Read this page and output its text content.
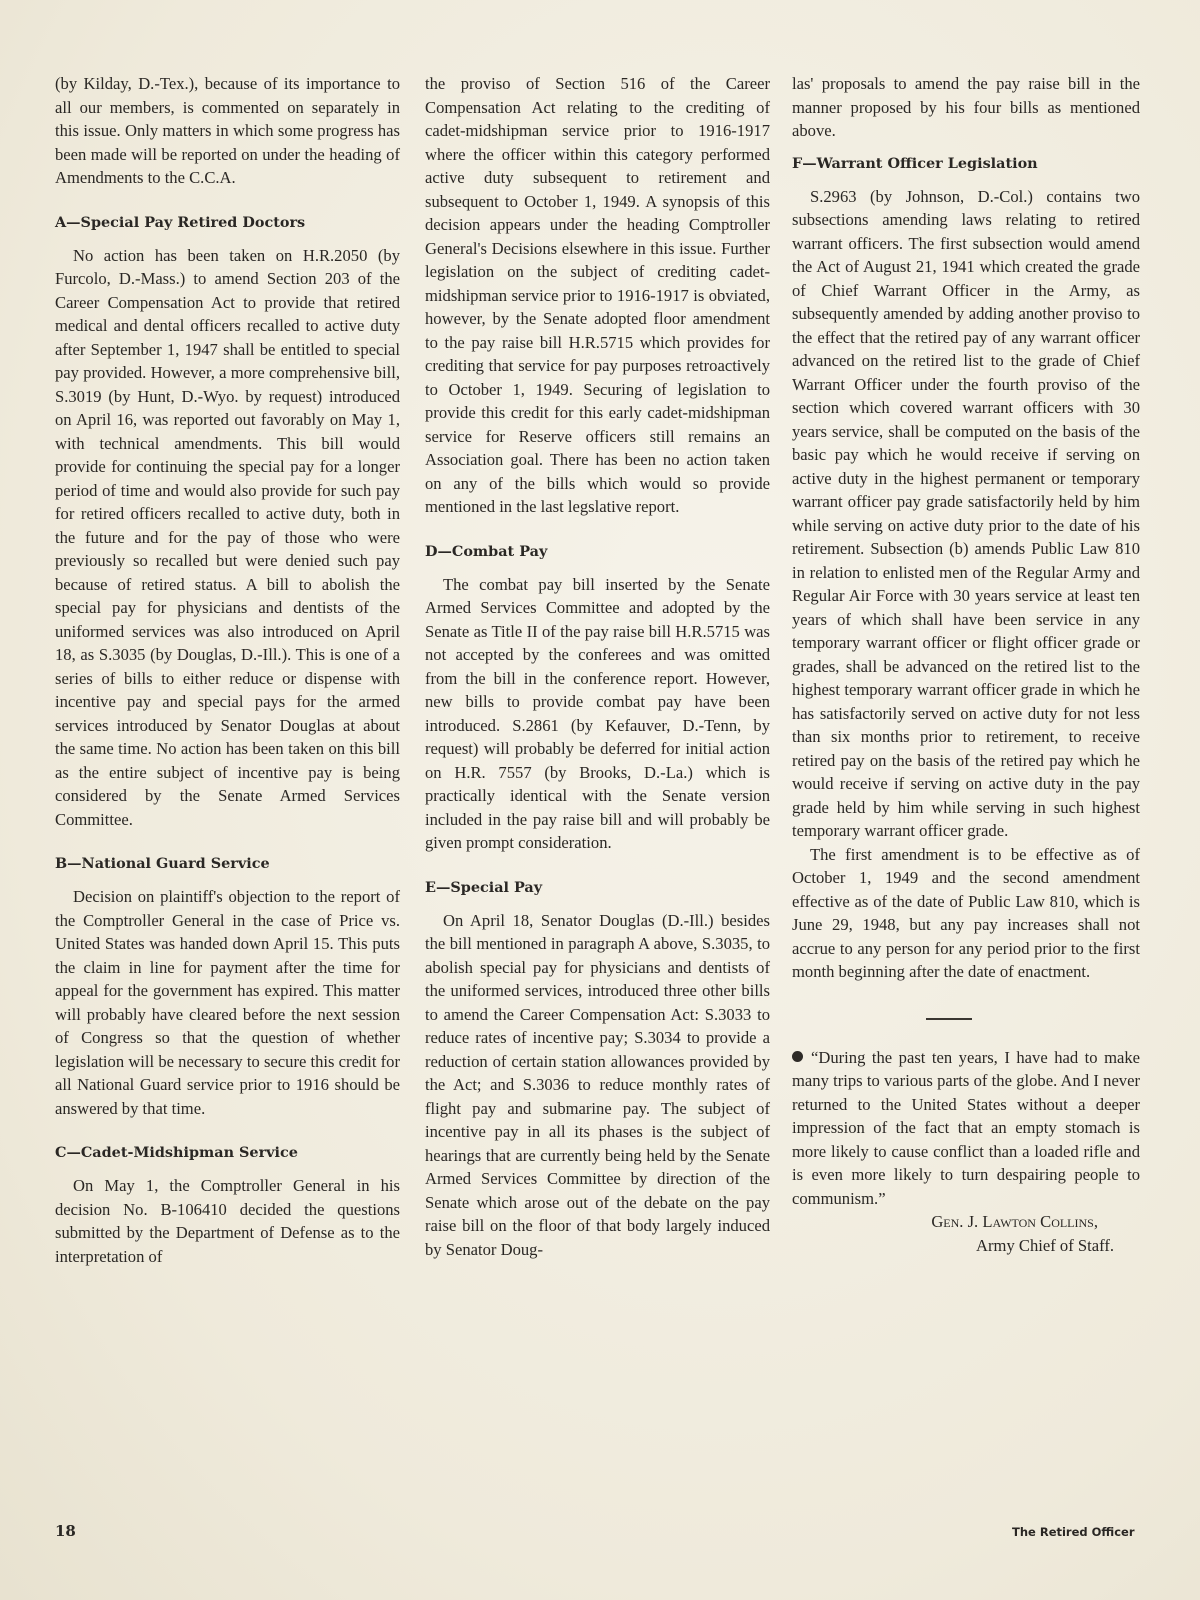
(by Kilday, D.-Tex.), because of its importance to all our members, is commented on separately in this issue. Only matters in which some progress has been made will be reported on under the heading of Amendments to the C.C.A.

A—Special Pay Retired Doctors

No action has been taken on H.R.2050 (by Furcolo, D.-Mass.) to amend Section 203 of the Career Compensation Act to provide that retired medical and dental officers recalled to active duty after September 1, 1947 shall be entitled to special pay provided. However, a more comprehensive bill, S.3019 (by Hunt, D.-Wyo. by request) introduced on April 16, was reported out favorably on May 1, with technical amendments. This bill would provide for continuing the special pay for a longer period of time and would also provide for such pay for retired officers recalled to active duty, both in the future and for the pay of those who were previously so recalled but were denied such pay because of retired status. A bill to abolish the special pay for physicians and dentists of the uniformed services was also introduced on April 18, as S.3035 (by Douglas, D.-Ill.). This is one of a series of bills to either reduce or dispense with incentive pay and special pays for the armed services introduced by Senator Douglas at about the same time. No action has been taken on this bill as the entire subject of incentive pay is being considered by the Senate Armed Services Committee.

B—National Guard Service

Decision on plaintiff's objection to the report of the Comptroller General in the case of Price vs. United States was handed down April 15. This puts the claim in line for payment after the time for appeal for the government has expired. This matter will probably have cleared before the next session of Congress so that the question of whether legislation will be necessary to secure this credit for all National Guard service prior to 1916 should be answered by that time.

C—Cadet-Midshipman Service

On May 1, the Comptroller General in his decision No. B-106410 decided the questions submitted by the Department of Defense as to the interpretation of

the proviso of Section 516 of the Career Compensation Act relating to the crediting of cadet-midshipman service prior to 1916-1917 where the officer within this category performed active duty subsequent to retirement and subsequent to October 1, 1949. A synopsis of this decision appears under the heading Comptroller General's Decisions elsewhere in this issue. Further legislation on the subject of crediting cadet-midshipman service prior to 1916-1917 is obviated, however, by the Senate adopted floor amendment to the pay raise bill H.R.5715 which provides for crediting that service for pay purposes retroactively to October 1, 1949. Securing of legislation to provide this credit for this early cadet-midshipman service for Reserve officers still remains an Association goal. There has been no action taken on any of the bills which would so provide mentioned in the last legslative report.

D—Combat Pay

The combat pay bill inserted by the Senate Armed Services Committee and adopted by the Senate as Title II of the pay raise bill H.R.5715 was not accepted by the conferees and was omitted from the bill in the conference report. However, new bills to provide combat pay have been introduced. S.2861 (by Kefauver, D.-Tenn, by request) will probably be deferred for initial action on H.R. 7557 (by Brooks, D.-La.) which is practically identical with the Senate version included in the pay raise bill and will probably be given prompt consideration.

E—Special Pay

On April 18, Senator Douglas (D.-Ill.) besides the bill mentioned in paragraph A above, S.3035, to abolish special pay for physicians and dentists of the uniformed services, introduced three other bills to amend the Career Compensation Act: S.3033 to reduce rates of incentive pay; S.3034 to provide a reduction of certain station allowances provided by the Act; and S.3036 to reduce monthly rates of flight pay and submarine pay. The subject of incentive pay in all its phases is the subject of hearings that are currently being held by the Senate Armed Services Committee by direction of the Senate which arose out of the debate on the pay raise bill on the floor of that body largely induced by Senator Doug-

las' proposals to amend the pay raise bill in the manner proposed by his four bills as mentioned above.

F—Warrant Officer Legislation

S.2963 (by Johnson, D.-Col.) contains two subsections amending laws relating to retired warrant officers. The first subsection would amend the Act of August 21, 1941 which created the grade of Chief Warrant Officer in the Army, as subsequently amended by adding another proviso to the effect that the retired pay of any warrant officer advanced on the retired list to the grade of Chief Warrant Officer under the fourth proviso of the section which covered warrant officers with 30 years service, shall be computed on the basis of the basic pay which he would receive if serving on active duty in the highest permanent or temporary warrant officer pay grade satisfactorily held by him while serving on active duty prior to the date of his retirement. Subsection (b) amends Public Law 810 in relation to enlisted men of the Regular Army and Regular Air Force with 30 years service at least ten years of which shall have been service in any temporary warrant officer or flight officer grade or grades, shall be advanced on the retired list to the highest temporary warrant officer grade in which he has satisfactorily served on active duty for not less than six months prior to retirement, to receive retired pay on the basis of the retired pay which he would receive if serving on active duty in the pay grade held by him while serving in such highest temporary warrant officer grade.

The first amendment is to be effective as of October 1, 1949 and the second amendment effective as of the date of Public Law 810, which is June 29, 1948, but any pay increases shall not accrue to any person for any period prior to the first month beginning after the date of enactment.

“During the past ten years, I have had to make many trips to various parts of the globe. And I never returned to the United States without a deeper impression of the fact that an empty stomach is more likely to cause conflict than a loaded rifle and is even more likely to turn despairing people to communism.”

Gen. J. Lawton Collins,

Army Chief of Staff.

18	The Retired Officer
